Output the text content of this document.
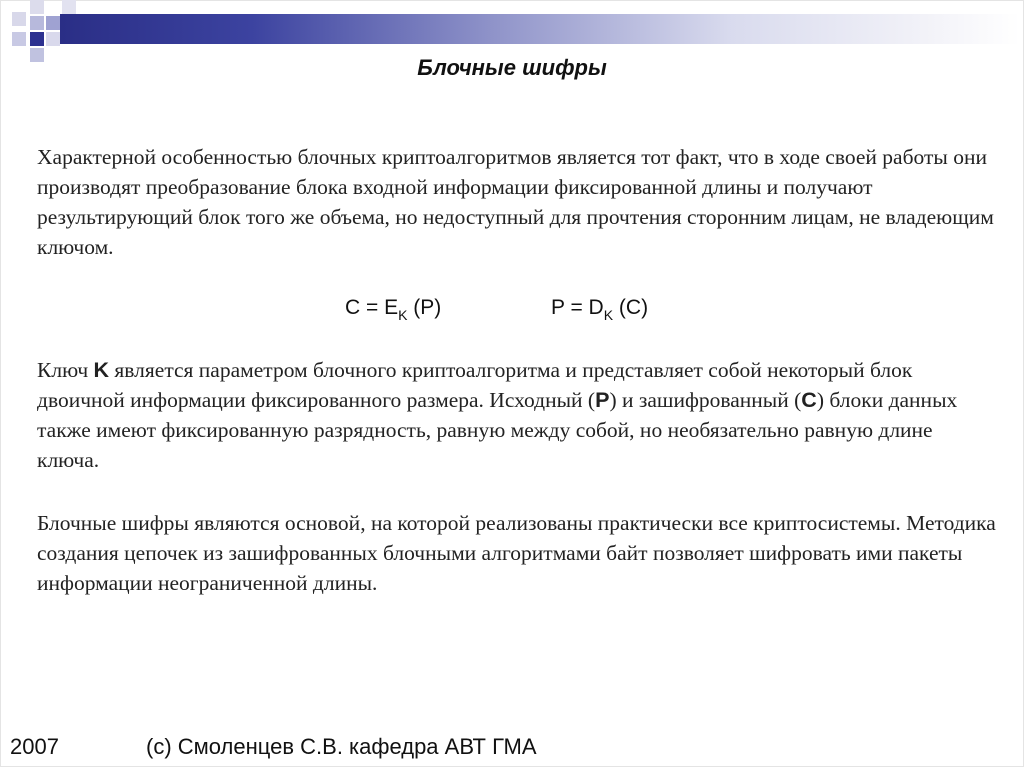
Блочные шифры

Характерной особенностью блочных криптоалгоритмов является тот факт, что в ходе своей работы они производят преобразование блока входной информации фиксированной длины и получают результирующий блок того же объема, но недоступный для прочтения сторонним лицам, не владеющим ключом.

$C = E_K$ (P)	$P = D_K$ (C)

Ключ K является параметром блочного криптоалгоритма и представляет собой некоторый блок двоичной информации фиксированного размера. Исходный (P) и зашифрованный (C) блоки данных также имеют фиксированную разрядность, равную между собой, но необязательно равную длине ключа.

Блочные шифры являются основой, на которой реализованы практически все криптосистемы. Методика создания цепочек из зашифрованных блочными алгоритмами байт позволяет шифровать ими пакеты информации неограниченной длины.

2007	(c) Смоленцев С.В. кафедра АВТ ГМА
